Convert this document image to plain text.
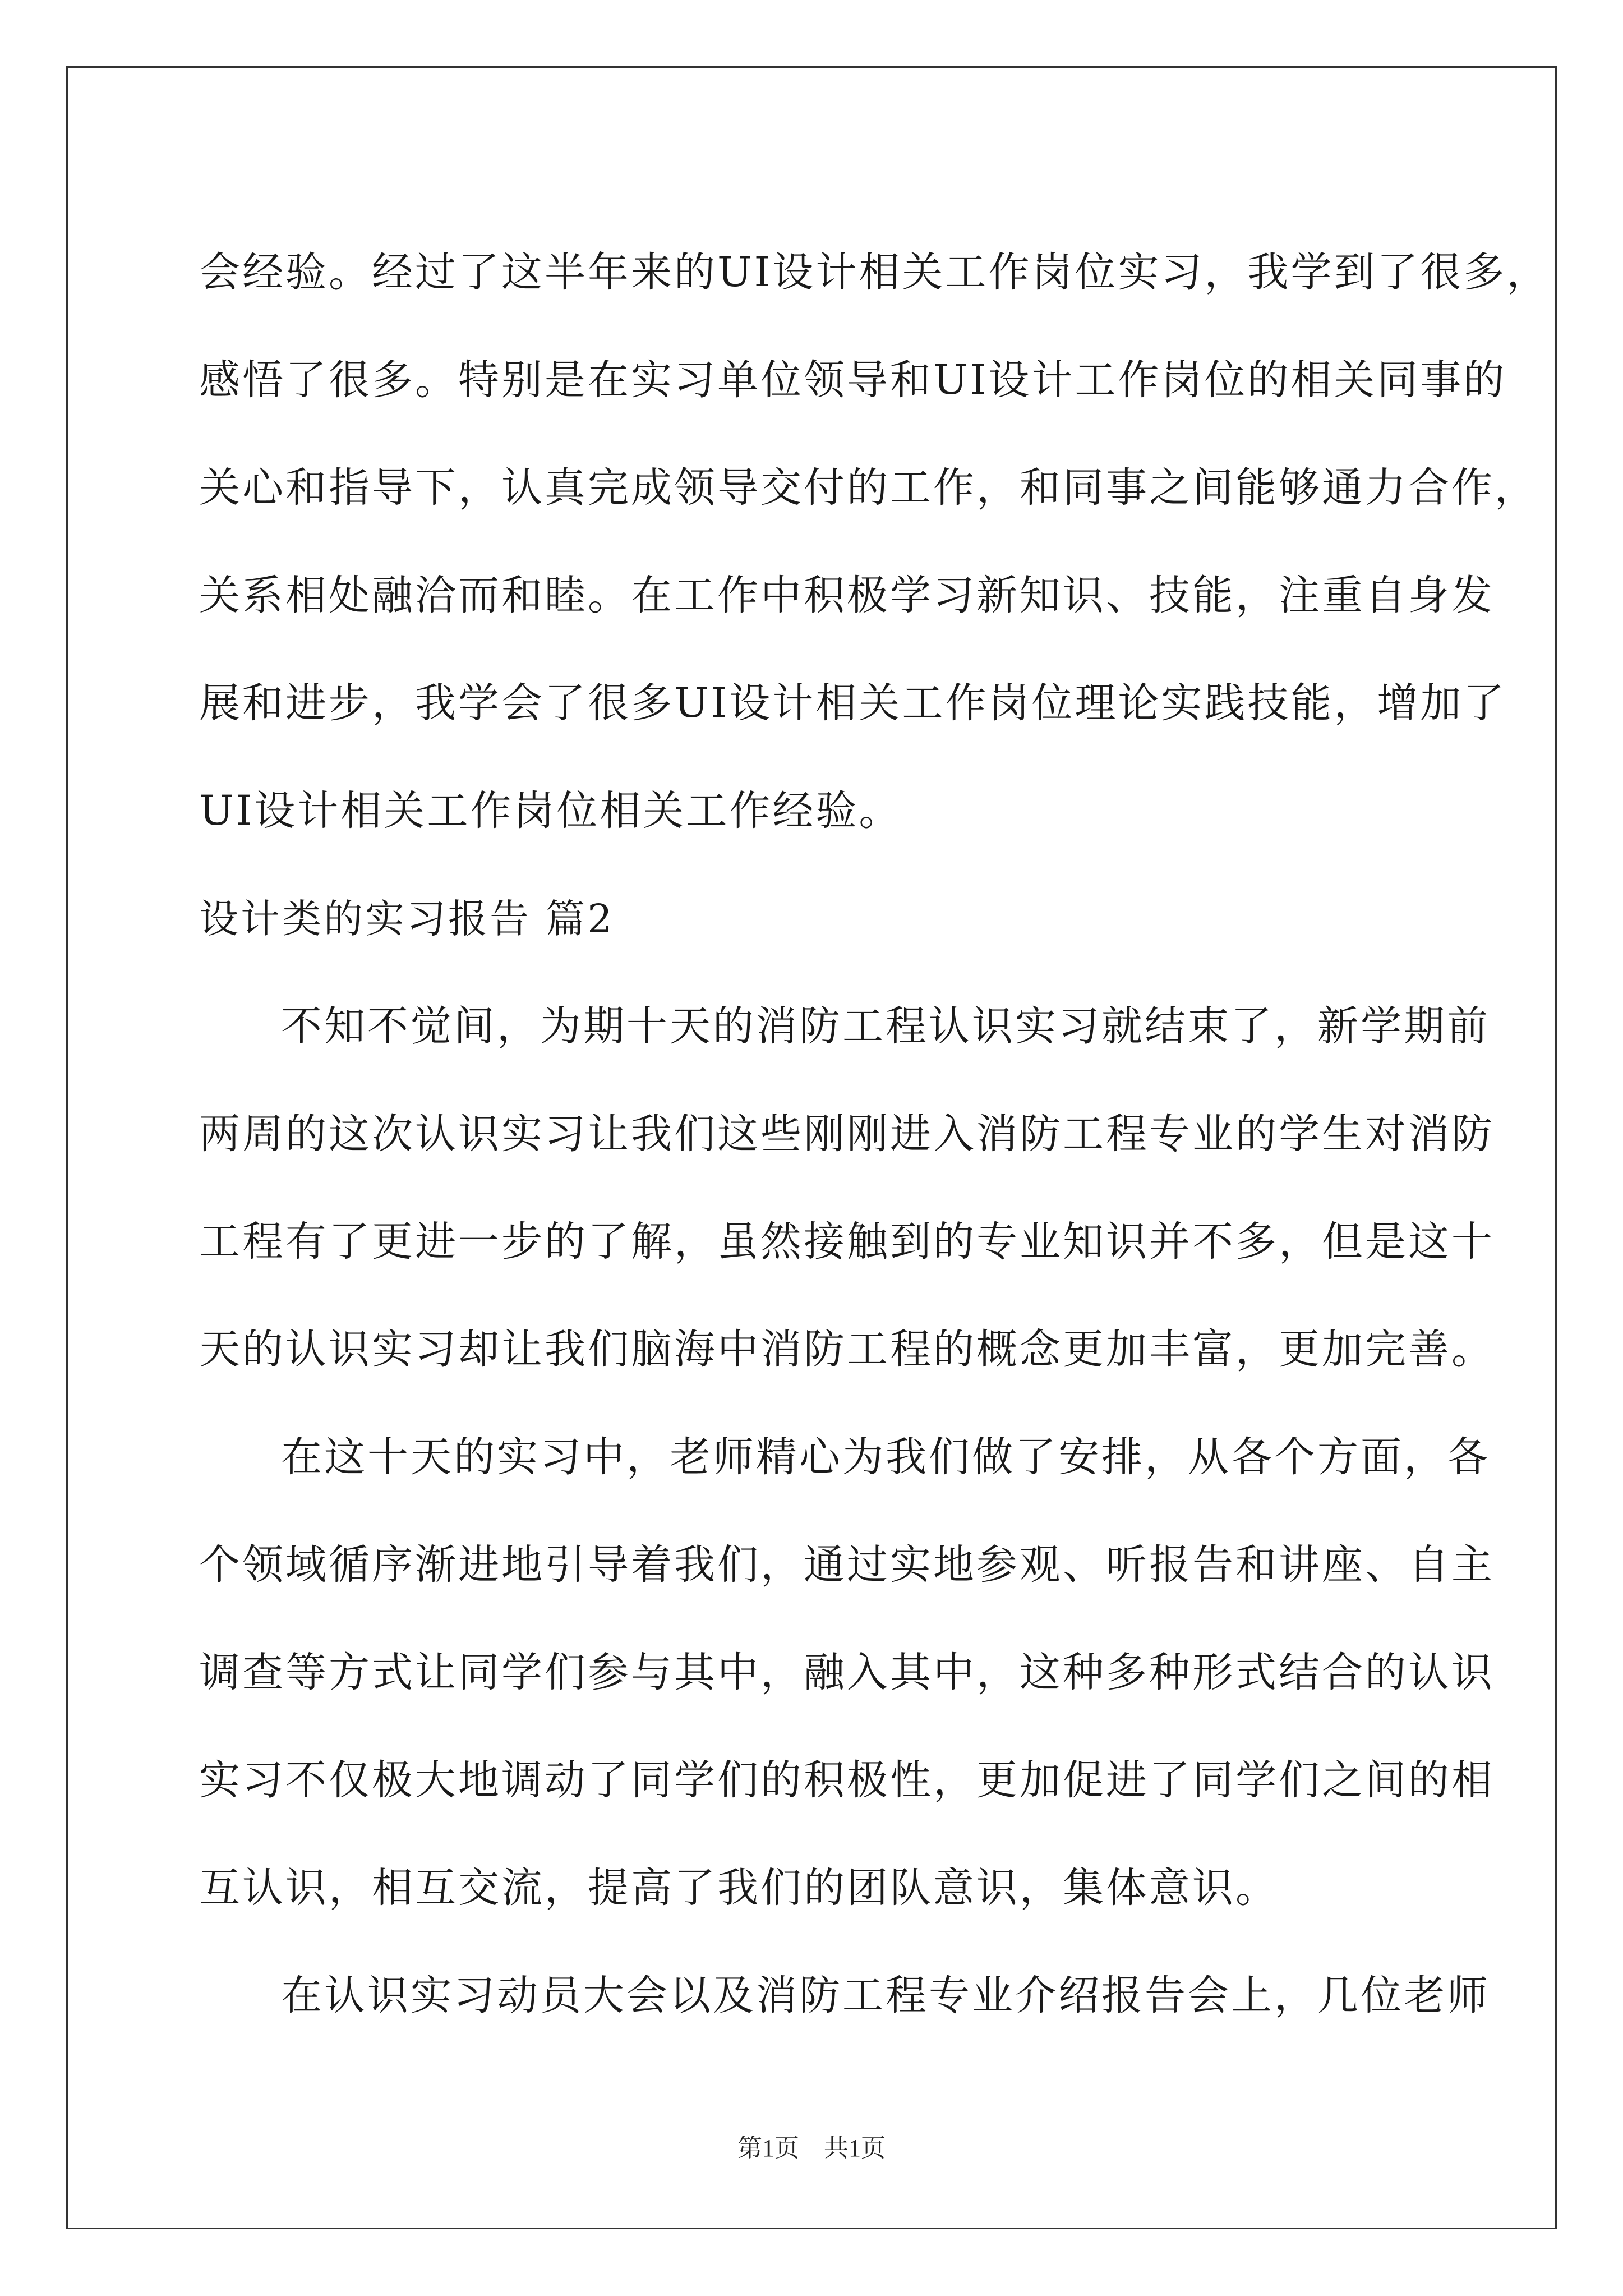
会经验。经过了这半年来的UI设计相关工作岗位实习，我学到了很多，
感悟了很多。特别是在实习单位领导和UI设计工作岗位的相关同事的
关心和指导下，认真完成领导交付的工作，和同事之间能够通力合作，
关系相处融洽而和睦。在工作中积极学习新知识、技能，注重自身发
展和进步，我学会了很多UI设计相关工作岗位理论实践技能，增加了
UI设计相关工作岗位相关工作经验。
设计类的实习报告 篇2
不知不觉间，为期十天的消防工程认识实习就结束了，新学期前
两周的这次认识实习让我们这些刚刚进入消防工程专业的学生对消防
工程有了更进一步的了解，虽然接触到的专业知识并不多，但是这十
天的认识实习却让我们脑海中消防工程的概念更加丰富，更加完善。
在这十天的实习中，老师精心为我们做了安排，从各个方面，各
个领域循序渐进地引导着我们，通过实地参观、听报告和讲座、自主
调查等方式让同学们参与其中，融入其中，这种多种形式结合的认识
实习不仅极大地调动了同学们的积极性，更加促进了同学们之间的相
互认识，相互交流，提高了我们的团队意识，集体意识。
在认识实习动员大会以及消防工程专业介绍报告会上，几位老师
第1页　共1页
